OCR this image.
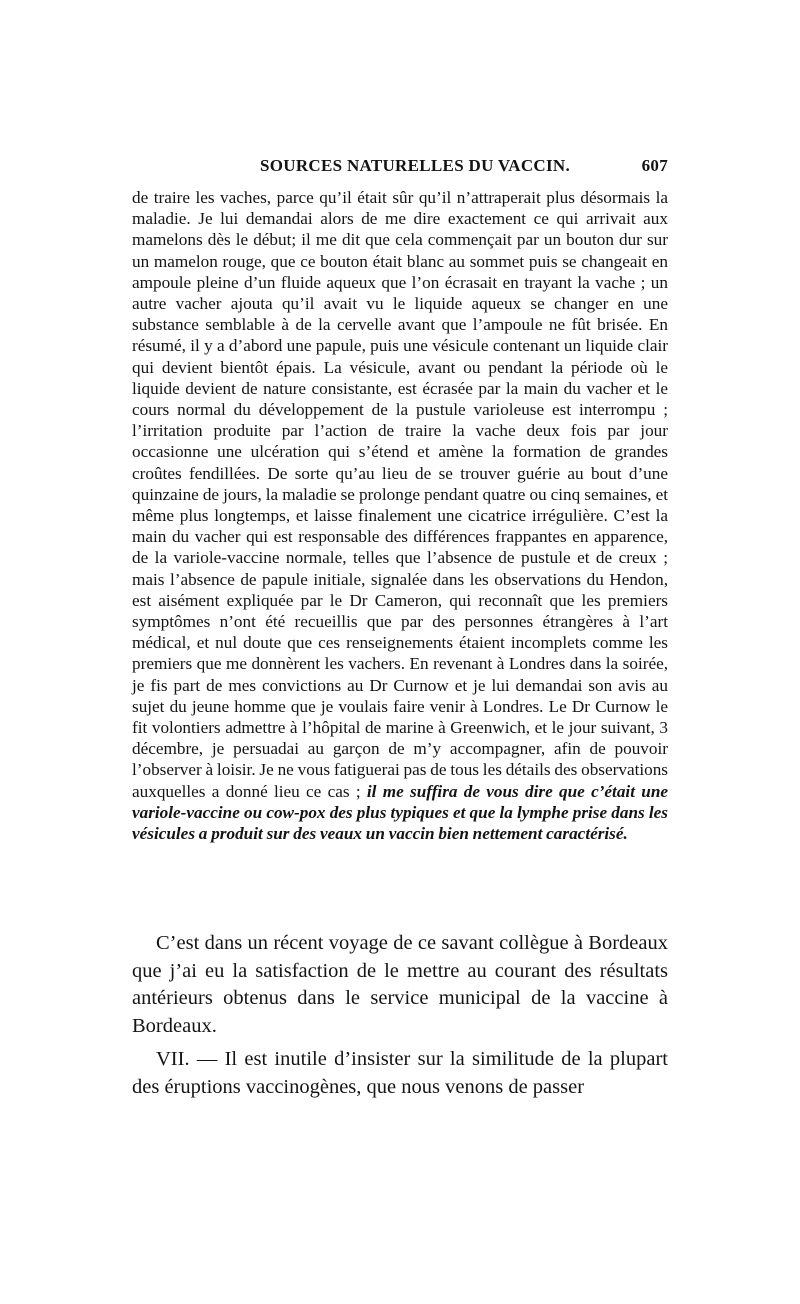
SOURCES NATURELLES DU VACCIN.	607

de traire les vaches, parce qu’il était sûr qu’il n’attraperait plus désormais la maladie. Je lui demandai alors de me dire exactement ce qui arrivait aux mamelons dès le début; il me dit que cela commençait par un bouton dur sur un mamelon rouge, que ce bouton était blanc au sommet puis se changeait en ampoule pleine d’un fluide aqueux que l’on écrasait en trayant la vache ; un autre vacher ajouta qu’il avait vu le liquide aqueux se changer en une substance semblable à de la cervelle avant que l’ampoule ne fût brisée. En résumé, il y a d’abord une papule, puis une vésicule contenant un liquide clair qui devient bientôt épais. La vésicule, avant ou pendant la période où le liquide devient de nature consistante, est écrasée par la main du vacher et le cours normal du développement de la pustule varioleuse est interrompu ; l’irritation produite par l’action de traire la vache deux fois par jour occasionne une ulcération qui s’étend et amène la formation de grandes croûtes fendillées. De sorte qu’au lieu de se trouver guérie au bout d’une quinzaine de jours, la maladie se prolonge pendant quatre ou cinq semaines, et même plus longtemps, et laisse finalement une cicatrice irrégulière. C’est la main du vacher qui est responsable des différences frappantes en apparence, de la variole-vaccine normale, telles que l’absence de pustule et de creux ; mais l’absence de papule initiale, signalée dans les observations du Hendon, est aisément expliquée par le Dr Cameron, qui reconnaît que les premiers symptômes n’ont été recueillis que par des personnes étrangères à l’art médical, et nul doute que ces renseignements étaient incomplets comme les premiers que me donnèrent les vachers. En revenant à Londres dans la soirée, je fis part de mes convictions au Dr Curnow et je lui demandai son avis au sujet du jeune homme que je voulais faire venir à Londres. Le Dr Curnow le fit volontiers admettre à l’hôpital de marine à Greenwich, et le jour suivant, 3 décembre, je persuadai au garçon de m’y accompagner, afin de pouvoir l’observer à loisir. Je ne vous fatiguerai pas de tous les détails des observations auxquelles a donné lieu ce cas ; il me suffira de vous dire que c’était une variole-vaccine ou cow-pox des plus typiques et que la lymphe prise dans les vésicules a produit sur des veaux un vaccin bien nettement caractérisé.

C’est dans un récent voyage de ce savant collègue à Bordeaux que j’ai eu la satisfaction de le mettre au courant des résultats antérieurs obtenus dans le service municipal de la vaccine à Bordeaux.

VII. — Il est inutile d’insister sur la similitude de la plupart des éruptions vaccinogènes, que nous venons de passer
